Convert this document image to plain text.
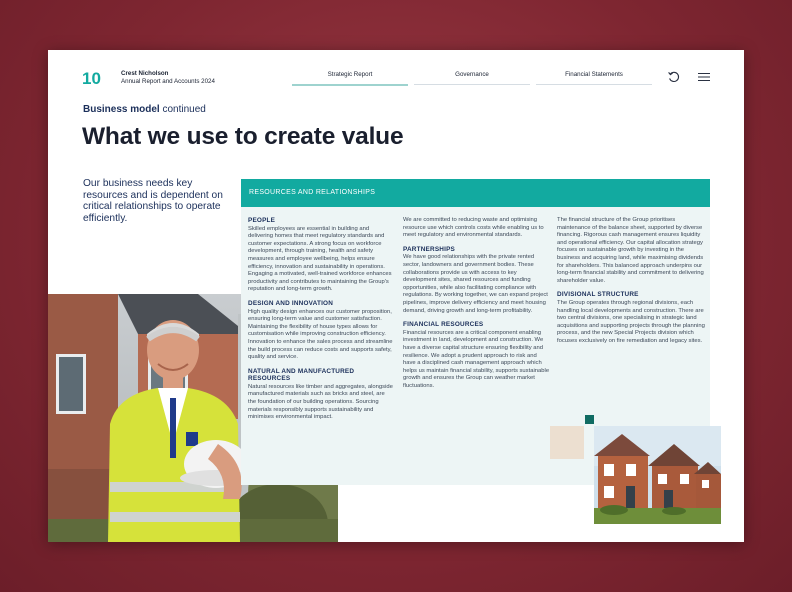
10	Crest Nicholson
Annual Report and Accounts 2024
Strategic Report	Governance	Financial Statements
Business model continued
What we use to create value
Our business needs key resources and is dependent on critical relationships to operate efficiently.
RESOURCES AND RELATIONSHIPS
PEOPLE

Skilled employees are essential in building and delivering homes that meet regulatory standards and customer expectations. A strong focus on workforce development, through training, health and safety measures and employee wellbeing, helps ensure efficiency, innovation and sustainability in operations. Engaging a motivated, well-trained workforce enhances productivity and contributes to maintaining the Group's reputation and long-term growth.

DESIGN AND INNOVATION

High quality design enhances our customer proposition, ensuring long-term value and customer satisfaction. Maintaining the flexibility of house types allows for customisation while improving construction efficiency. Innovation to enhance the sales process and streamline the build process can reduce costs and supports safety, quality and service.

NATURAL AND MANUFACTURED RESOURCES

Natural resources like timber and aggregates, alongside manufactured materials such as bricks and steel, are the foundation of our building operations. Sourcing materials responsibly supports sustainability and minimises environmental impact.

We are committed to reducing waste and optimising resource use which controls costs while enabling us to meet regulatory and environmental standards.

PARTNERSHIPS

We have good relationships with the private rented sector, landowners and government bodies. These collaborations provide us with access to key development sites, shared resources and funding opportunities, while also facilitating compliance with regulations. By working together, we can expand project pipelines, improve delivery efficiency and meet housing demand, driving growth and long-term profitability.

FINANCIAL RESOURCES

Financial resources are a critical component enabling investment in land, development and construction. We have a diverse capital structure ensuring flexibility and resilience. We adopt a prudent approach to risk and have a disciplined cash management approach which helps us maintain financial stability, supports sustainable growth and ensures the Group can weather market fluctuations.

The financial structure of the Group prioritises maintenance of the balance sheet, supported by diverse financing. Rigorous cash management ensures liquidity and operational efficiency. Our capital allocation strategy focuses on sustainable growth by investing in the business and acquiring land, while maximising dividends for shareholders. This balanced approach underpins our long-term financial stability and commitment to delivering shareholder value.

DIVISIONAL STRUCTURE

The Group operates through regional divisions, each handling local developments and construction. There are two central divisions, one specialising in strategic land acquisitions and supporting projects through the planning process, and the new Special Projects division which focuses exclusively on fire remediation and legacy sites.
